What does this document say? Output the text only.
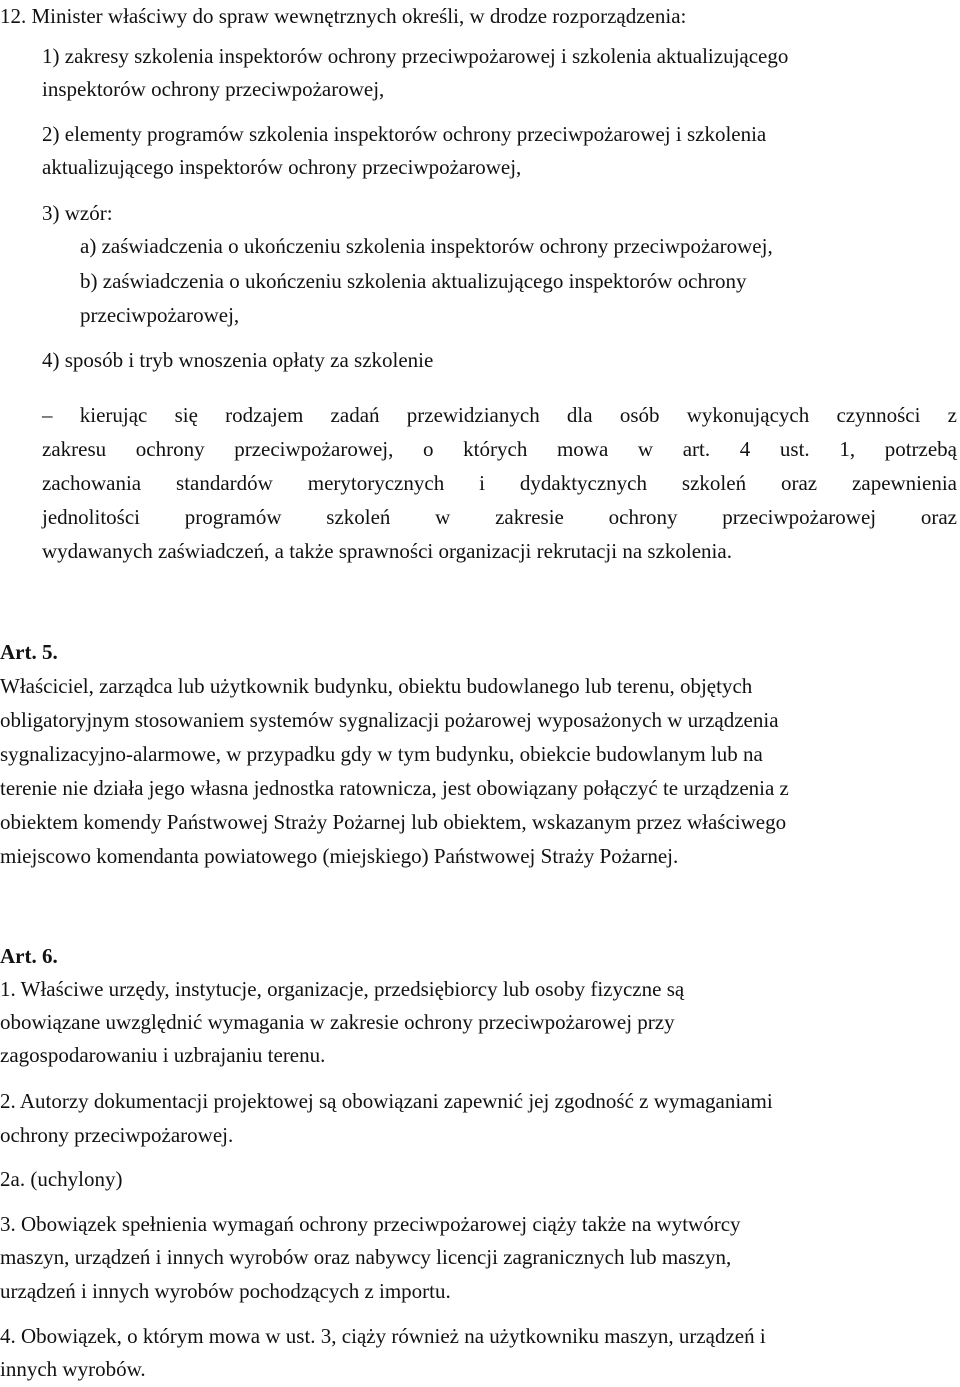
12. Minister właściwy do spraw wewnętrznych określi, w drodze rozporządzenia:

1) zakresy szkolenia inspektorów ochrony przeciwpożarowej i szkolenia aktualizującego

inspektorów ochrony przeciwpożarowej,

2) elementy programów szkolenia inspektorów ochrony przeciwpożarowej i szkolenia

aktualizującego inspektorów ochrony przeciwpożarowej,

3) wzór:

a) zaświadczenia o ukończeniu szkolenia inspektorów ochrony przeciwpożarowej,

b) zaświadczenia o ukończeniu szkolenia aktualizującego inspektorów ochrony

przeciwpożarowej,

4) sposób i tryb wnoszenia opłaty za szkolenie

– kierując się rodzajem zadań przewidzianych dla osób wykonujących czynności z

zakresu ochrony przeciwpożarowej, o których mowa w art. 4 ust. 1, potrzebą

zachowania standardów merytorycznych i dydaktycznych szkoleń oraz zapewnienia

jednolitości programów szkoleń w zakresie ochrony przeciwpożarowej oraz

wydawanych zaświadczeń, a także sprawności organizacji rekrutacji na szkolenia.

Art. 5.

Właściciel, zarządca lub użytkownik budynku, obiektu budowlanego lub terenu, objętych

obligatoryjnym stosowaniem systemów sygnalizacji pożarowej wyposażonych w urządzenia

sygnalizacyjno-alarmowe, w przypadku gdy w tym budynku, obiekcie budowlanym lub na

terenie nie działa jego własna jednostka ratownicza, jest obowiązany połączyć te urządzenia z

obiektem komendy Państwowej Straży Pożarnej lub obiektem, wskazanym przez właściwego

miejscowo komendanta powiatowego (miejskiego) Państwowej Straży Pożarnej.

Art. 6.

1. Właściwe urzędy, instytucje, organizacje, przedsiębiorcy lub osoby fizyczne są

obowiązane uwzględnić wymagania w zakresie ochrony przeciwpożarowej przy

zagospodarowaniu i uzbrajaniu terenu.

2. Autorzy dokumentacji projektowej są obowiązani zapewnić jej zgodność z wymaganiami

ochrony przeciwpożarowej.

2a. (uchylony)

3. Obowiązek spełnienia wymagań ochrony przeciwpożarowej ciąży także na wytwórcy

maszyn, urządzeń i innych wyrobów oraz nabywcy licencji zagranicznych lub maszyn,

urządzeń i innych wyrobów pochodzących z importu.

4. Obowiązek, o którym mowa w ust. 3, ciąży również na użytkowniku maszyn, urządzeń i

innych wyrobów.
